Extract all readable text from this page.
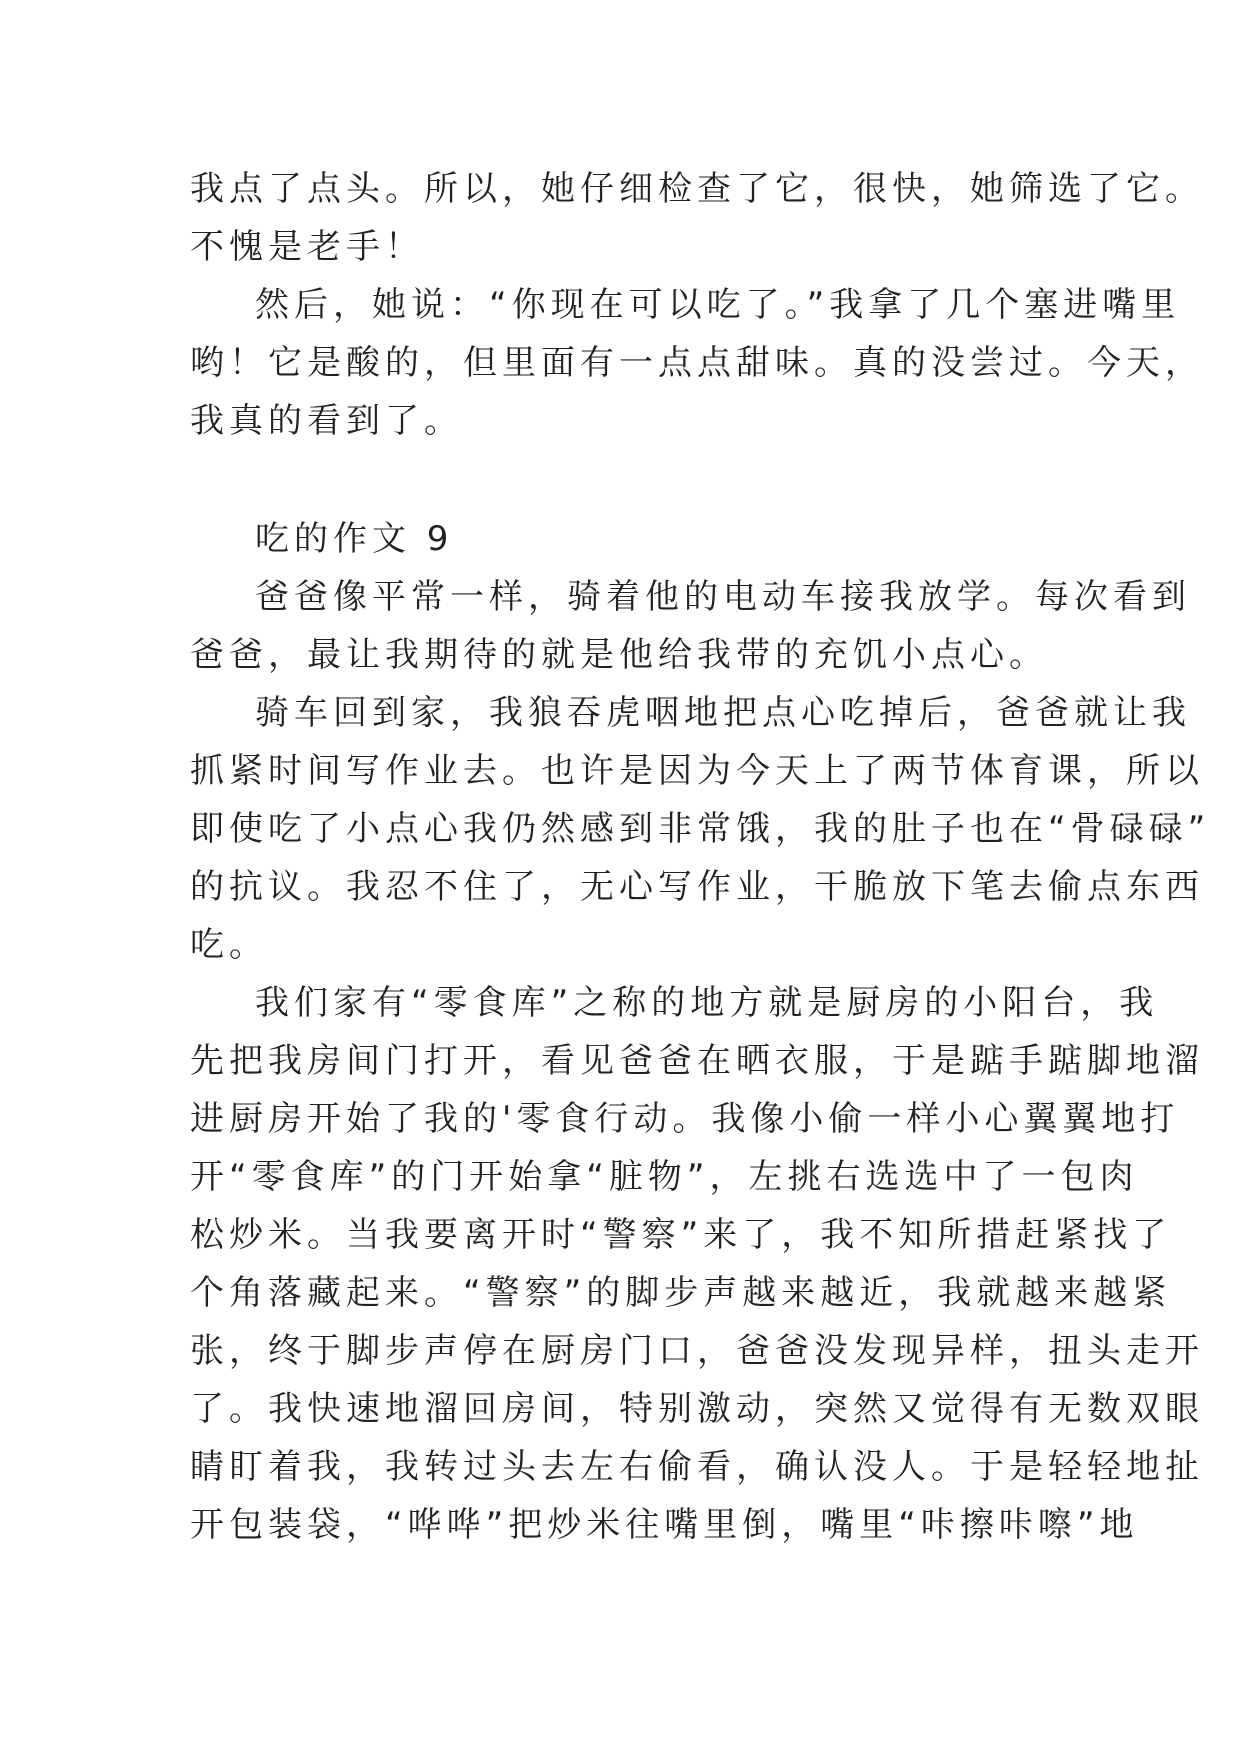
我点了点头。所以，她仔细检查了它，很快，她筛选了它。
不愧是老手！
然后，她说：“你现在可以吃了。”我拿了几个塞进嘴里
哟！它是酸的，但里面有一点点甜味。真的没尝过。今天，
我真的看到了。
吃的作文 9
爸爸像平常一样，骑着他的电动车接我放学。每次看到
爸爸，最让我期待的就是他给我带的充饥小点心。
骑车回到家，我狼吞虎咽地把点心吃掉后，爸爸就让我
抓紧时间写作业去。也许是因为今天上了两节体育课，所以
即使吃了小点心我仍然感到非常饿，我的肚子也在“骨碌碌”
的抗议。我忍不住了，无心写作业，干脆放下笔去偷点东西
吃。
我们家有“零食库”之称的地方就是厨房的小阳台，我
先把我房间门打开，看见爸爸在晒衣服，于是踮手踮脚地溜
进厨房开始了我的'零食行动。我像小偷一样小心翼翼地打
开“零食库”的门开始拿“脏物”，左挑右选选中了一包肉
松炒米。当我要离开时“警察”来了，我不知所措赶紧找了
个角落藏起来。“警察”的脚步声越来越近，我就越来越紧
张，终于脚步声停在厨房门口，爸爸没发现异样，扭头走开
了。我快速地溜回房间，特别激动，突然又觉得有无数双眼
睛盯着我，我转过头去左右偷看，确认没人。于是轻轻地扯
开包装袋，“哗哗”把炒米往嘴里倒，嘴里“咔擦咔嚓”地
